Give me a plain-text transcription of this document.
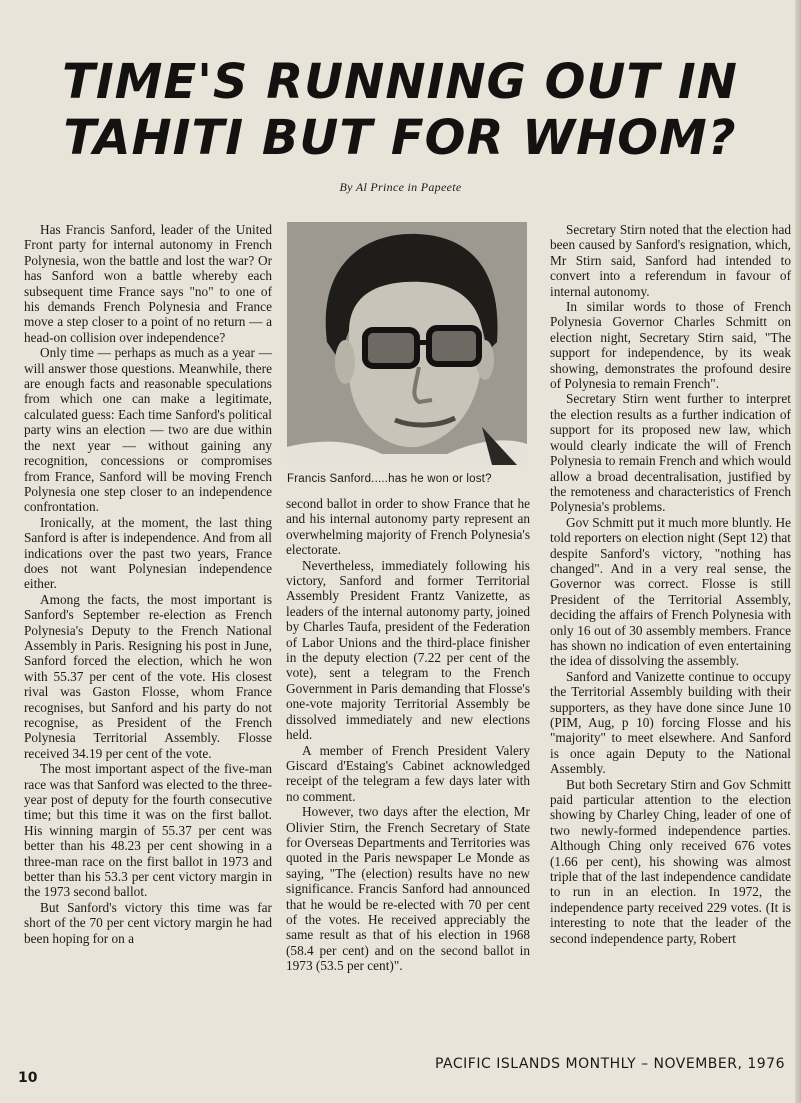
TIME'S RUNNING OUT IN
TAHITI BUT FOR WHOM?
By Al Prince in Papeete

Has Francis Sanford, leader of the United Front party for internal autonomy in French Polynesia, won the battle and lost the war? Or has Sanford won a battle whereby each subsequent time France says "no" to one of his demands French Polynesia and France move a step closer to a point of no return — a head-on collision over independence?

Only time — perhaps as much as a year — will answer those questions. Meanwhile, there are enough facts and reasonable speculations from which one can make a legitimate, calculated guess: Each time Sanford's political party wins an election — two are due within the next year — without gaining any recognition, concessions or compromises from France, Sanford will be moving French Polynesia one step closer to an independence confrontation.

Ironically, at the moment, the last thing Sanford is after is independence. And from all indications over the past two years, France does not want Polynesian independence either.

Among the facts, the most important is Sanford's September re-election as French Polynesia's Deputy to the French National Assembly in Paris. Resigning his post in June, Sanford forced the election, which he won with 55.37 per cent of the vote. His closest rival was Gaston Flosse, whom France recognises, but Sanford and his party do not recognise, as President of the French Polynesia Territorial Assembly. Flosse received 34.19 per cent of the vote.

The most important aspect of the five-man race was that Sanford was elected to the three-year post of deputy for the fourth consecutive time; but this time it was on the first ballot. His winning margin of 55.37 per cent was better than his 48.23 per cent showing in a three-man race on the first ballot in 1973 and better than his 53.3 per cent victory margin in the 1973 second ballot.

But Sanford's victory this time was far short of the 70 per cent victory margin he had been hoping for on a

Francis Sanford.....has he won or lost?

second ballot in order to show France that he and his internal autonomy party represent an overwhelming majority of French Polynesia's electorate.

Nevertheless, immediately following his victory, Sanford and former Territorial Assembly President Frantz Vanizette, as leaders of the internal autonomy party, joined by Charles Taufa, president of the Federation of Labor Unions and the third-place finisher in the deputy election (7.22 per cent of the vote), sent a telegram to the French Government in Paris demanding that Flosse's one-vote majority Territorial Assembly be dissolved immediately and new elections held.

A member of French President Valery Giscard d'Estaing's Cabinet acknowledged receipt of the telegram a few days later with no comment.

However, two days after the election, Mr Olivier Stirn, the French Secretary of State for Overseas Departments and Territories was quoted in the Paris newspaper Le Monde as saying, "The (election) results have no new significance. Francis Sanford had announced that he would be re-elected with 70 per cent of the votes. He received appreciably the same result as that of his election in 1968 (58.4 per cent) and on the second ballot in 1973 (53.5 per cent)".

Secretary Stirn noted that the election had been caused by Sanford's resignation, which, Mr Stirn said, Sanford had intended to convert into a referendum in favour of internal autonomy.

In similar words to those of French Polynesia Governor Charles Schmitt on election night, Secretary Stirn said, "The support for independence, by its weak showing, demonstrates the profound desire of Polynesia to remain French".

Secretary Stirn went further to interpret the election results as a further indication of support for its proposed new law, which would clearly indicate the will of French Polynesia to remain French and which would allow a broad decentralisation, justified by the remoteness and characteristics of French Polynesia's problems.

Gov Schmitt put it much more bluntly. He told reporters on election night (Sept 12) that despite Sanford's victory, "nothing has changed". And in a very real sense, the Governor was correct. Flosse is still President of the Territorial Assembly, deciding the affairs of French Polynesia with only 16 out of 30 assembly members. France has shown no indication of even entertaining the idea of dissolving the assembly.

Sanford and Vanizette continue to occupy the Territorial Assembly building with their supporters, as they have done since June 10 (PIM, Aug, p 10) forcing Flosse and his "majority" to meet elsewhere. And Sanford is once again Deputy to the National Assembly.

But both Secretary Stirn and Gov Schmitt paid particular attention to the election showing by Charley Ching, leader of one of two newly-formed independence parties. Although Ching only received 676 votes (1.66 per cent), his showing was almost triple that of the last independence candidate to run in an election. In 1972, the independence party received 229 votes. (It is interesting to note that the leader of the second independence party, Robert

10
PACIFIC ISLANDS MONTHLY – NOVEMBER, 1976
